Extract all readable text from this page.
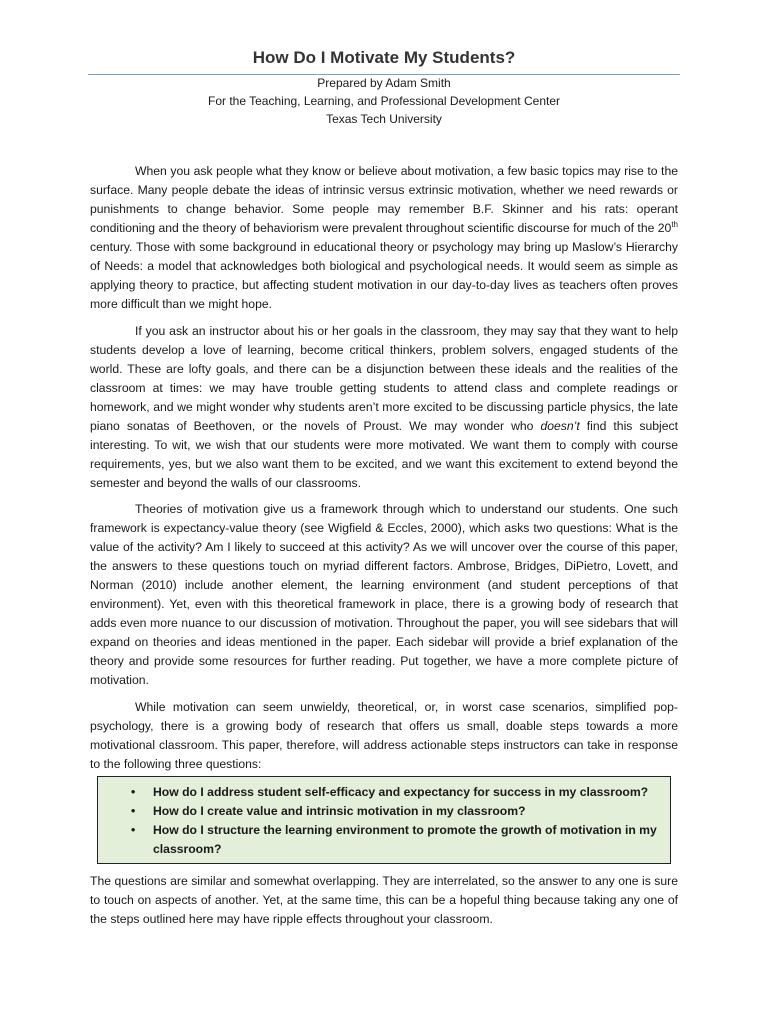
How Do I Motivate My Students?
Prepared by Adam Smith
For the Teaching, Learning, and Professional Development Center
Texas Tech University

When you ask people what they know or believe about motivation, a few basic topics may rise to the surface. Many people debate the ideas of intrinsic versus extrinsic motivation, whether we need rewards or punishments to change behavior. Some people may remember B.F. Skinner and his rats: operant conditioning and the theory of behaviorism were prevalent throughout scientific discourse for much of the 20th century. Those with some background in educational theory or psychology may bring up Maslow’s Hierarchy of Needs: a model that acknowledges both biological and psychological needs. It would seem as simple as applying theory to practice, but affecting student motivation in our day-to-day lives as teachers often proves more difficult than we might hope.

If you ask an instructor about his or her goals in the classroom, they may say that they want to help students develop a love of learning, become critical thinkers, problem solvers, engaged students of the world. These are lofty goals, and there can be a disjunction between these ideals and the realities of the classroom at times: we may have trouble getting students to attend class and complete readings or homework, and we might wonder why students aren’t more excited to be discussing particle physics, the late piano sonatas of Beethoven, or the novels of Proust. We may wonder who doesn’t find this subject interesting. To wit, we wish that our students were more motivated. We want them to comply with course requirements, yes, but we also want them to be excited, and we want this excitement to extend beyond the semester and beyond the walls of our classrooms.

Theories of motivation give us a framework through which to understand our students. One such framework is expectancy-value theory (see Wigfield & Eccles, 2000), which asks two questions: What is the value of the activity? Am I likely to succeed at this activity? As we will uncover over the course of this paper, the answers to these questions touch on myriad different factors. Ambrose, Bridges, DiPietro, Lovett, and Norman (2010) include another element, the learning environment (and student perceptions of that environment). Yet, even with this theoretical framework in place, there is a growing body of research that adds even more nuance to our discussion of motivation. Throughout the paper, you will see sidebars that will expand on theories and ideas mentioned in the paper. Each sidebar will provide a brief explanation of the theory and provide some resources for further reading. Put together, we have a more complete picture of motivation.

While motivation can seem unwieldy, theoretical, or, in worst case scenarios, simplified pop-psychology, there is a growing body of research that offers us small, doable steps towards a more motivational classroom. This paper, therefore, will address actionable steps instructors can take in response to the following three questions:

• How do I address student self-efficacy and expectancy for success in my classroom?
• How do I create value and intrinsic motivation in my classroom?
• How do I structure the learning environment to promote the growth of motivation in my classroom?

The questions are similar and somewhat overlapping. They are interrelated, so the answer to any one is sure to touch on aspects of another. Yet, at the same time, this can be a hopeful thing because taking any one of the steps outlined here may have ripple effects throughout your classroom.
